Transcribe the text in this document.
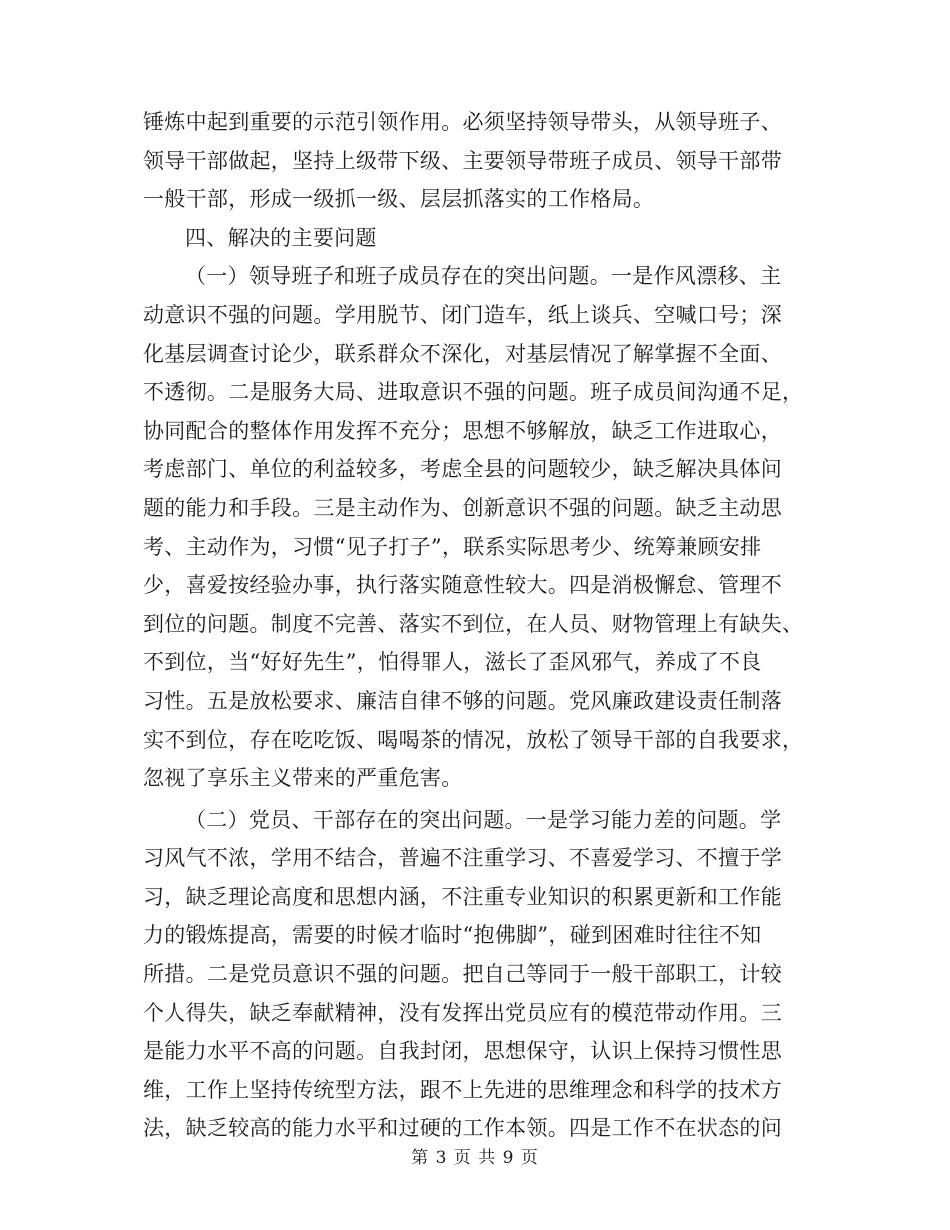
锤炼中起到重要的示范引领作用。必须坚持领导带头，从领导班子、
领导干部做起，坚持上级带下级、主要领导带班子成员、领导干部带
一般干部，形成一级抓一级、层层抓落实的工作格局。
四、解决的主要问题
（一）领导班子和班子成员存在的突出问题。一是作风漂移、主
动意识不强的问题。学用脱节、闭门造车，纸上谈兵、空喊口号；深
化基层调查讨论少，联系群众不深化，对基层情况了解掌握不全面、
不透彻。二是服务大局、进取意识不强的问题。班子成员间沟通不足，
协同配合的整体作用发挥不充分；思想不够解放，缺乏工作进取心，
考虑部门、单位的利益较多，考虑全县的问题较少，缺乏解决具体问
题的能力和手段。三是主动作为、创新意识不强的问题。缺乏主动思
考、主动作为，习惯“见子打子”，联系实际思考少、统筹兼顾安排
少，喜爱按经验办事，执行落实随意性较大。四是消极懈怠、管理不
到位的问题。制度不完善、落实不到位，在人员、财物管理上有缺失、
不到位，当“好好先生”，怕得罪人，滋长了歪风邪气，养成了不良
习性。五是放松要求、廉洁自律不够的问题。党风廉政建设责任制落
实不到位，存在吃吃饭、喝喝茶的情况，放松了领导干部的自我要求，
忽视了享乐主义带来的严重危害。
（二）党员、干部存在的突出问题。一是学习能力差的问题。学
习风气不浓，学用不结合，普遍不注重学习、不喜爱学习、不擅于学
习，缺乏理论高度和思想内涵，不注重专业知识的积累更新和工作能
力的锻炼提高，需要的时候才临时“抱佛脚”，碰到困难时往往不知
所措。二是党员意识不强的问题。把自己等同于一般干部职工，计较
个人得失，缺乏奉献精神，没有发挥出党员应有的模范带动作用。三
是能力水平不高的问题。自我封闭，思想保守，认识上保持习惯性思
维，工作上坚持传统型方法，跟不上先进的思维理念和科学的技术方
法，缺乏较高的能力水平和过硬的工作本领。四是工作不在状态的问
第 3 页 共 9 页
